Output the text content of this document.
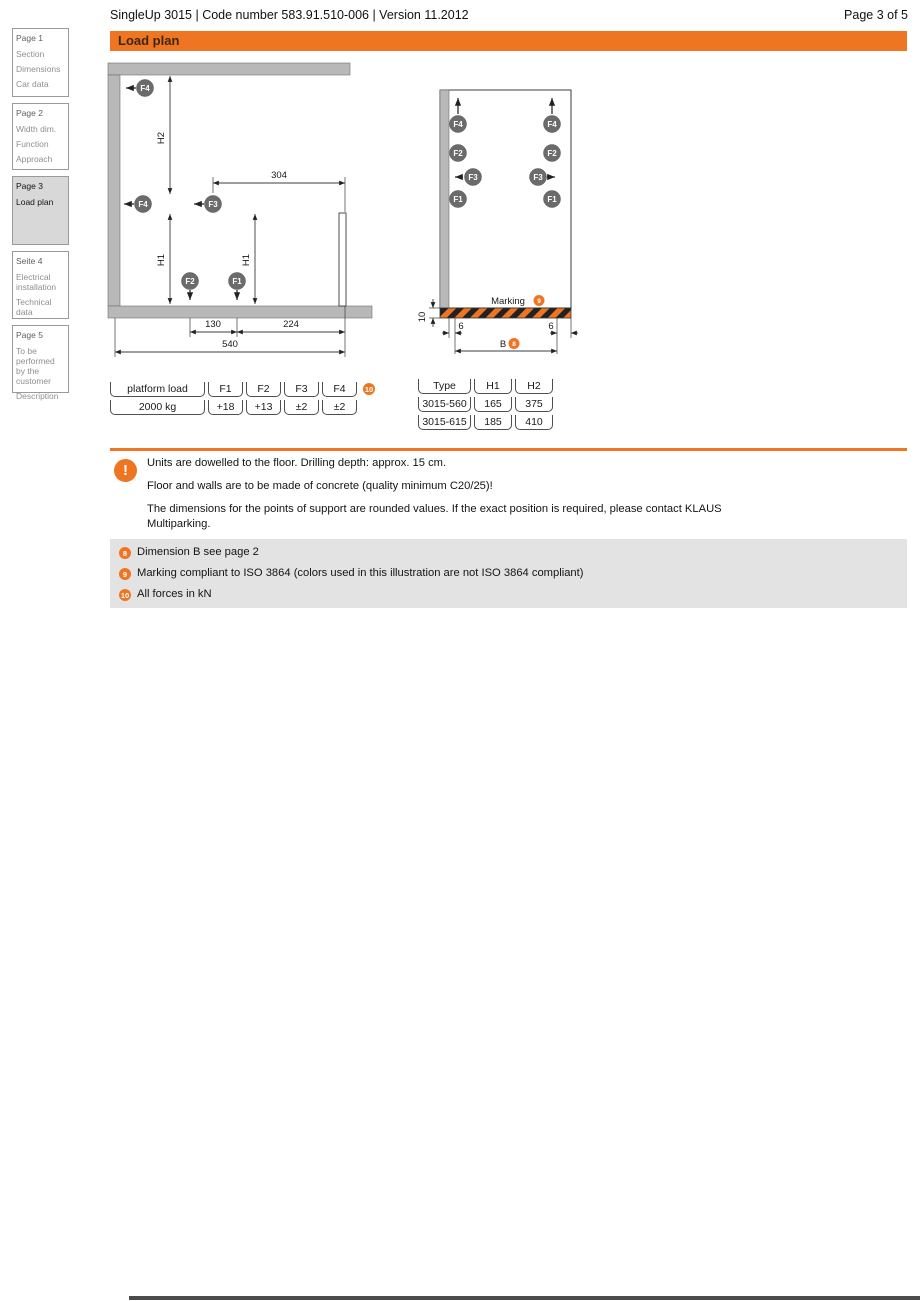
SingleUp 3015 | Code number 583.91.510-006 | Version 11.2012	Page 3 of 5
Page 1
Section
Dimensions
Car data
Page 2
Width dim.
Function
Approach
Page 3
Load plan
Seite 4
Electrical installation
Technical data
Page 5
To be performed by the customer
Description
Load plan
H2
H1	H1
304
130	224
540
F4
F4	F3
F2	F1
F4	F4
F2	F2
F3	F3
F1	F1
Marking 9
10
6	6
B 8
platform load	F1	F2	F3	F4	10
2000 kg	+18	+13	±2	±2
Type	H1	H2
3015-560	165	375
3015-615	185	410
!	Units are dowelled to the floor. Drilling depth: approx. 15 cm.

Floor and walls are to be made of concrete (quality minimum C20/25)!

The dimensions for the points of support are rounded values. If the exact position is required, please contact KLAUS Multiparking.

8 Dimension B see page 2
9 Marking compliant to ISO 3864 (colors used in this illustration are not ISO 3864 compliant)
10 All forces in kN
